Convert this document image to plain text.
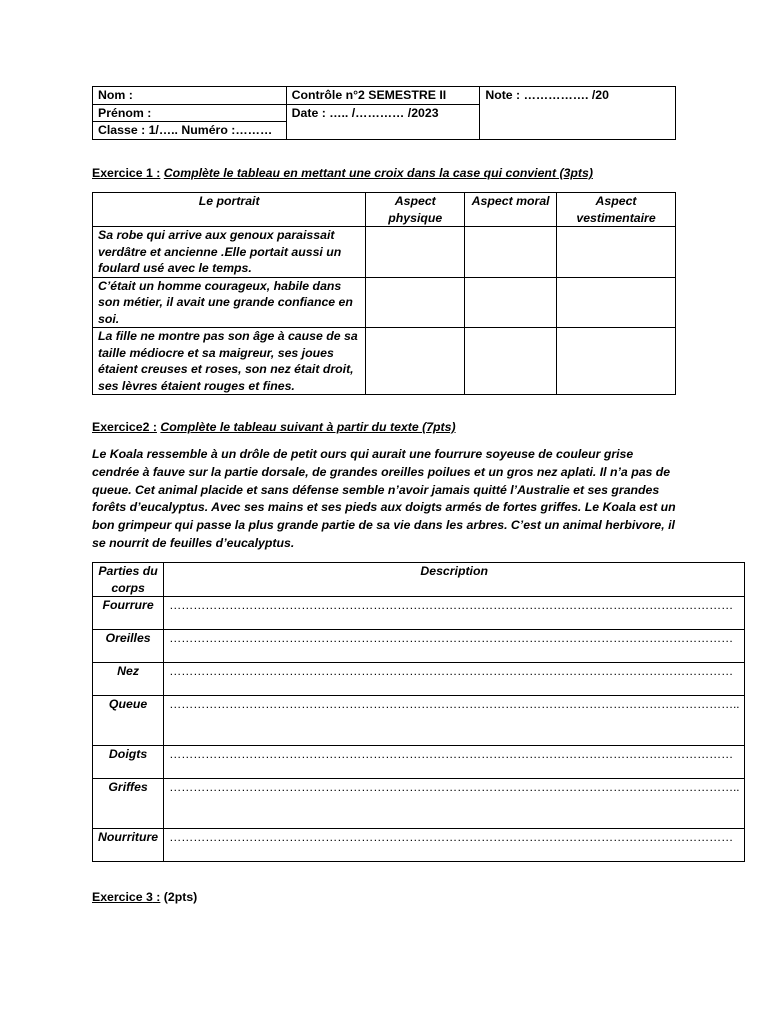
Nom :	Contrôle n°2 SEMESTRE II	Note : ……………. /20
Prénom :	Date : ….. /………… /2023	
Classe : 1/….. Numéro :………		
Exercice 1 : Complète le tableau en mettant une croix dans la case qui convient (3pts)
Le portrait	Aspect physique	Aspect moral	Aspect vestimentaire
Sa robe qui arrive aux genoux paraissait verdâtre et ancienne .Elle portait aussi un foulard usé avec le temps.			
C’était un homme courageux, habile dans son métier, il avait une grande confiance en soi.			
La fille ne montre pas son âge à cause de sa taille médiocre et sa maigreur, ses joues étaient creuses et roses, son nez était droit, ses lèvres étaient rouges et fines.			
Exercice2 : Complète le tableau suivant à partir du texte (7pts)

Le Koala ressemble à un drôle de petit ours qui aurait une fourrure soyeuse de couleur grise cendrée à fauve sur la partie dorsale, de grandes oreilles poilues et un gros nez aplati. Il n’a pas de queue. Cet animal placide et sans défense semble n’avoir jamais quitté l’Australie et ses grandes forêts d’eucalyptus. Avec ses mains et ses pieds aux doigts armés de fortes griffes. Le Koala est un bon grimpeur qui passe la plus grande partie de sa vie dans les arbres. C’est un animal herbivore, il se nourrit de feuilles d’eucalyptus.

Parties du corps	Description
Fourrure	……………………………………………………………………………………………………………………………
Oreilles	……………………………………………………………………………………………………………………………
Nez	……………………………………………………………………………………………………………………………
Queue	……………………………………………………………………………………………………………………………..
Doigts	……………………………………………………………………………………………………………………………
Griffes	……………………………………………………………………………………………………………………………..
Nourriture	……………………………………………………………………………………………………………………………
Exercice 3 : (2pts)
